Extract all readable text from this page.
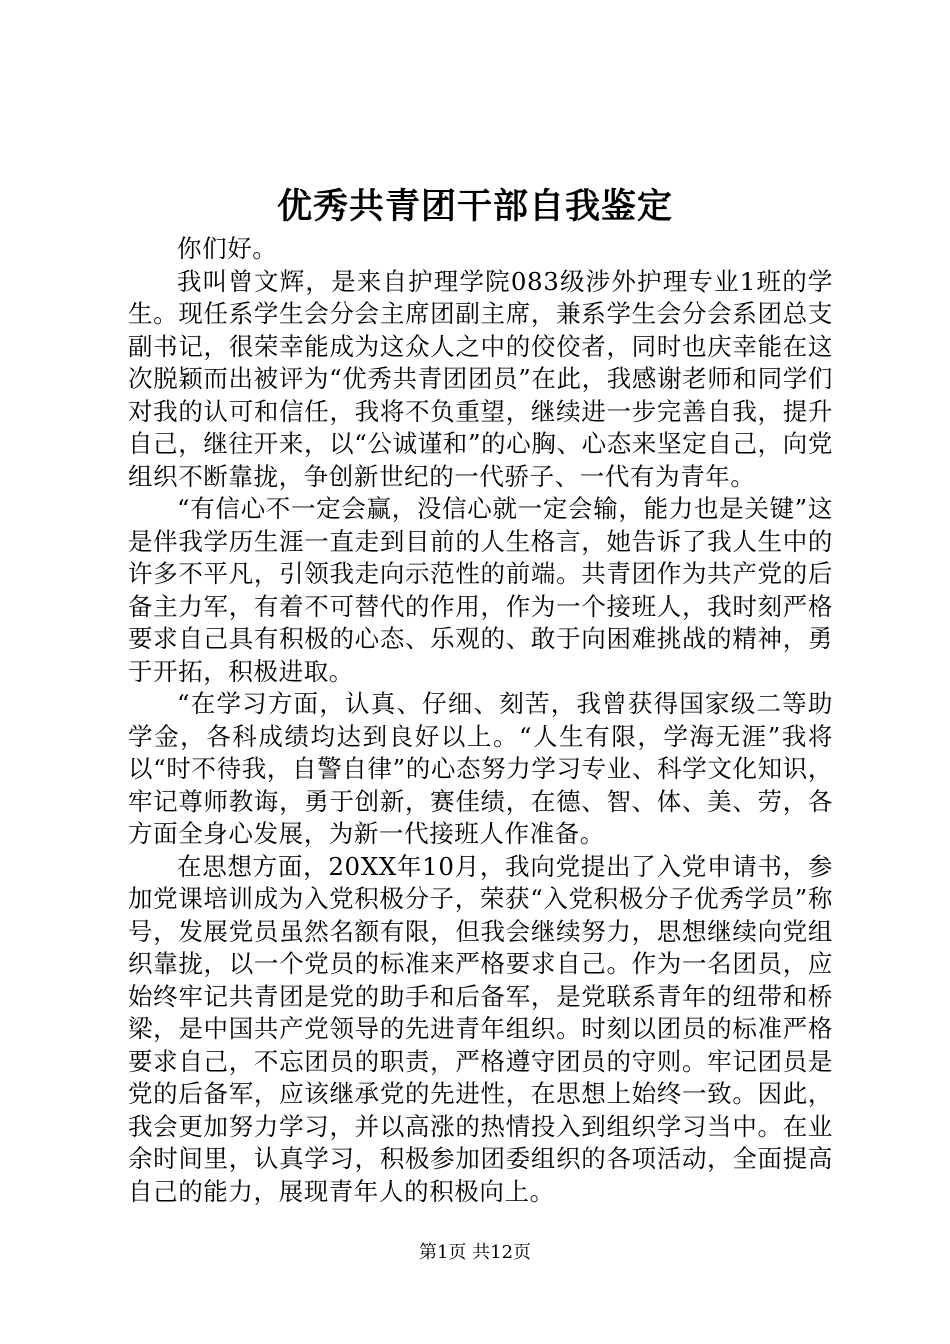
优秀共青团干部自我鉴定

你们好。

我叫曾文辉，是来自护理学院083级涉外护理专业1班的学生。现任系学生会分会主席团副主席，兼系学生会分会系团总支副书记，很荣幸能成为这众人之中的佼佼者，同时也庆幸能在这次脱颖而出被评为“优秀共青团团员”在此，我感谢老师和同学们对我的认可和信任，我将不负重望，继续进一步完善自我，提升自己，继往开来，以“公诚谨和”的心胸、心态来坚定自己，向党组织不断靠拢，争创新世纪的一代骄子、一代有为青年。

“有信心不一定会赢，没信心就一定会输，能力也是关键”这是伴我学历生涯一直走到目前的人生格言，她告诉了我人生中的许多不平凡，引领我走向示范性的前端。共青团作为共产党的后备主力军，有着不可替代的作用，作为一个接班人，我时刻严格要求自己具有积极的心态、乐观的、敢于向困难挑战的精神，勇于开拓，积极进取。

“在学习方面，认真、仔细、刻苦，我曾获得国家级二等助学金，各科成绩均达到良好以上。“人生有限，学海无涯”我将以“时不待我，自警自律”的心态努力学习专业、科学文化知识，牢记尊师教诲，勇于创新，赛佳绩，在德、智、体、美、劳，各方面全身心发展，为新一代接班人作准备。

在思想方面，20XX年10月，我向党提出了入党申请书，参加党课培训成为入党积极分子，荣获“入党积极分子优秀学员”称号，发展党员虽然名额有限，但我会继续努力，思想继续向党组织靠拢，以一个党员的标准来严格要求自己。作为一名团员，应始终牢记共青团是党的助手和后备军，是党联系青年的纽带和桥梁，是中国共产党领导的先进青年组织。时刻以团员的标准严格要求自己，不忘团员的职责，严格遵守团员的守则。牢记团员是党的后备军，应该继承党的先进性，在思想上始终一致。因此，我会更加努力学习，并以高涨的热情投入到组织学习当中。在业余时间里，认真学习，积极参加团委组织的各项活动，全面提高自己的能力，展现青年人的积极向上。

第1页 共12页
